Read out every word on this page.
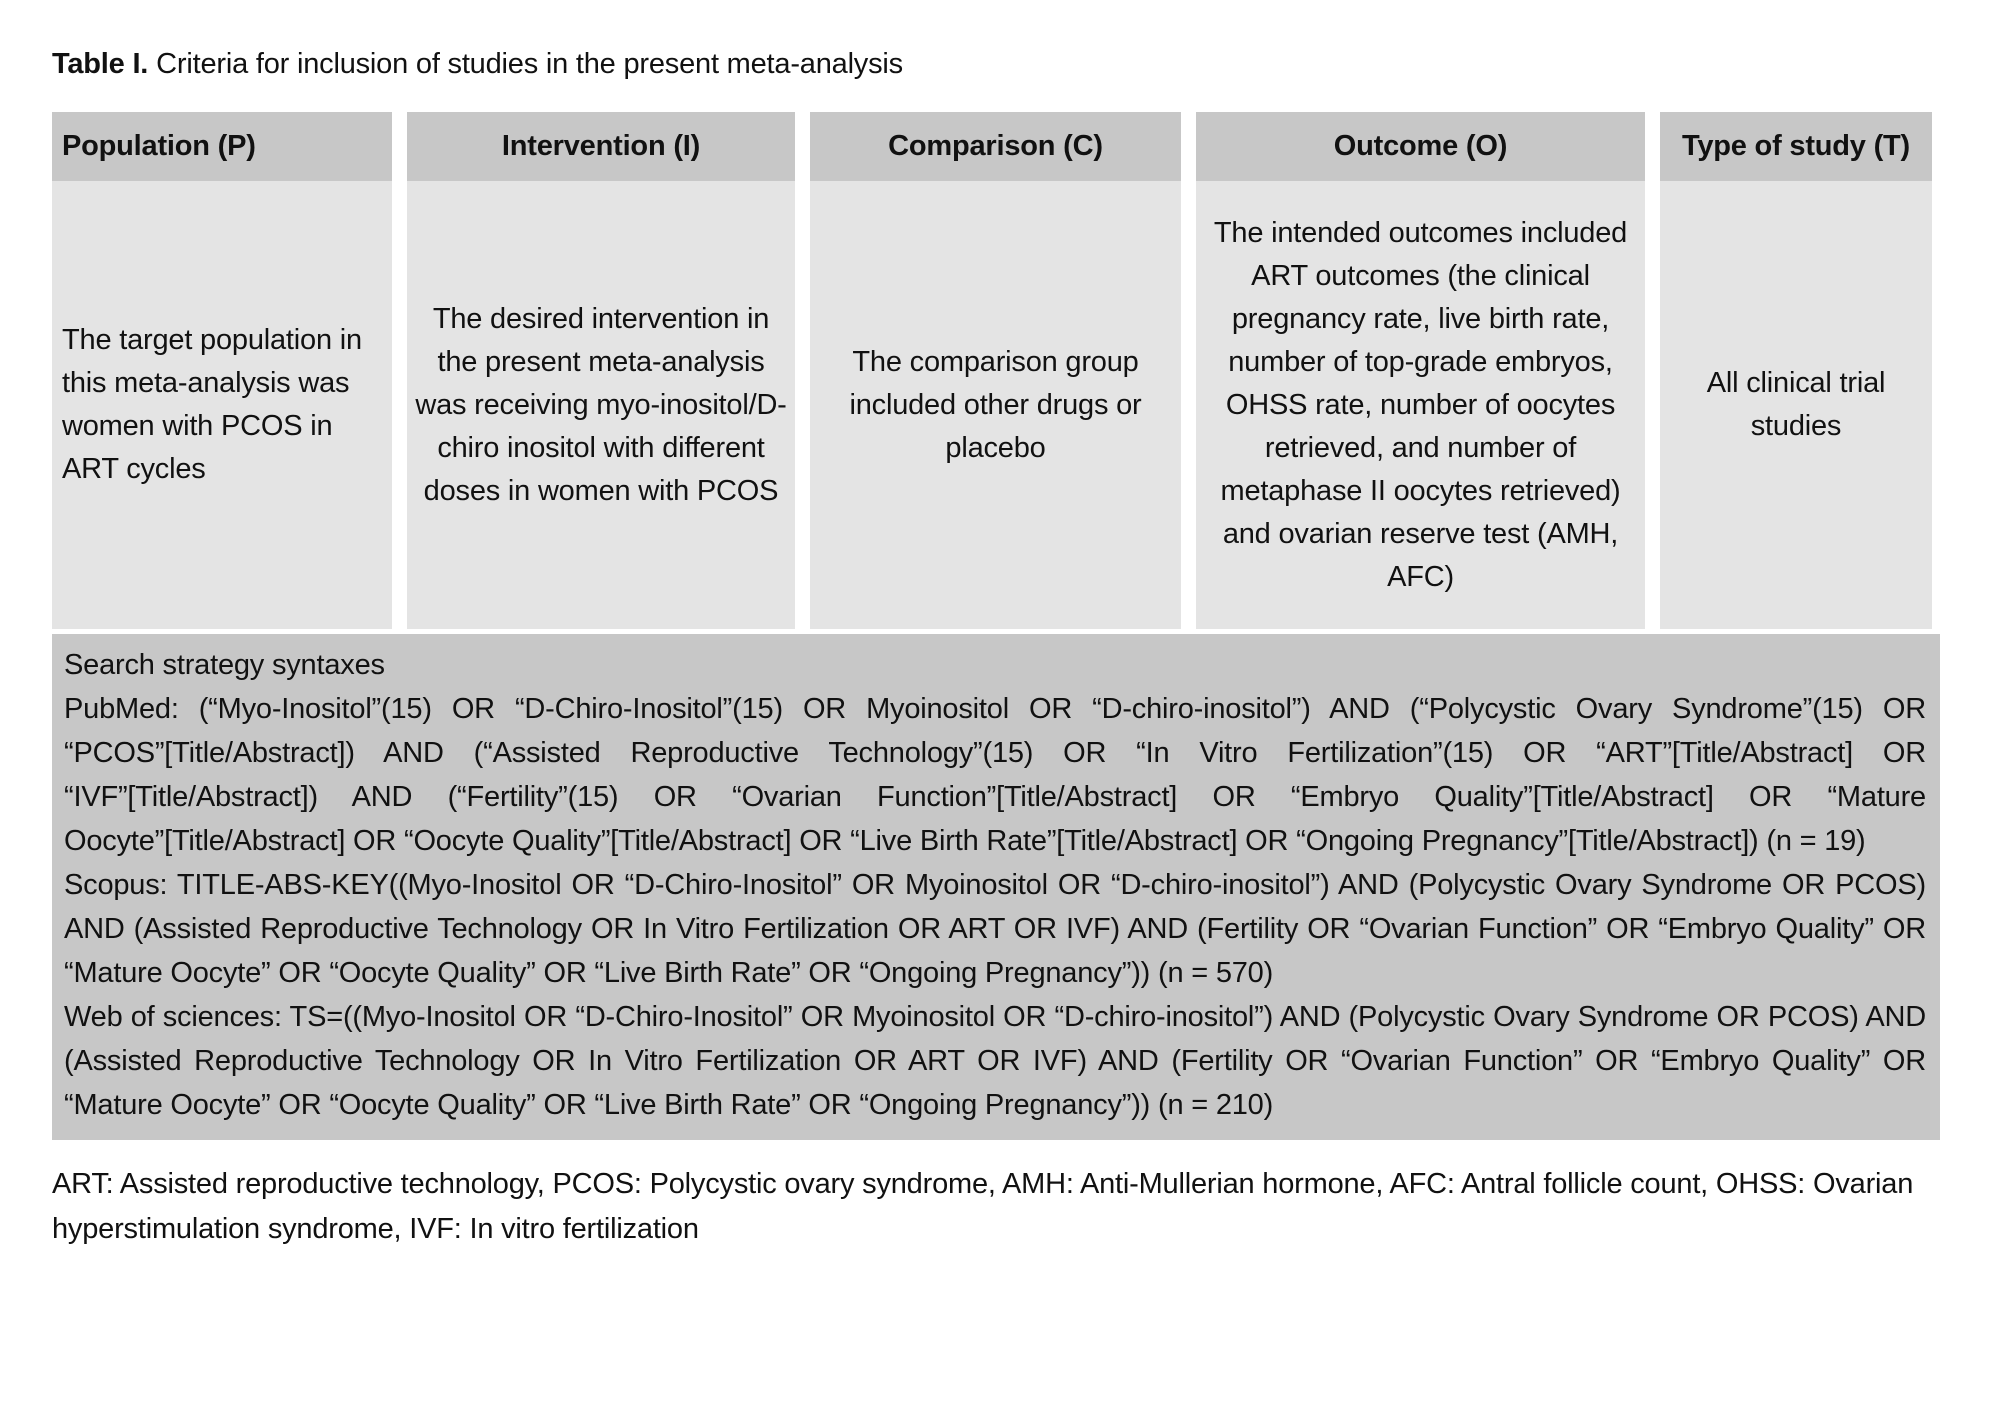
Table I. Criteria for inclusion of studies in the present meta-analysis
Population (P)
The target population in this meta-analysis was women with PCOS in ART cycles
Intervention (I)
The desired intervention in the present meta-analysis was receiving myo-inositol/D-chiro inositol with different doses in women with PCOS
Comparison (C)
The comparison group included other drugs or placebo
Outcome (O)
The intended outcomes included ART outcomes (the clinical pregnancy rate, live birth rate, number of top-grade embryos, OHSS rate, number of oocytes retrieved, and number of metaphase II oocytes retrieved) and ovarian reserve test (AMH, AFC)
Type of study (T)
All clinical trial studies
Search strategy syntaxes
PubMed: (“Myo-Inositol”(15) OR “D-Chiro-Inositol”(15) OR Myoinositol OR “D-chiro-inositol”) AND (“Polycystic Ovary Syndrome”(15) OR “PCOS”[Title/Abstract]) AND (“Assisted Reproductive Technology”(15) OR “In Vitro Fertilization”(15) OR “ART”[Title/Abstract] OR “IVF”[Title/Abstract]) AND (“Fertility”(15) OR “Ovarian Function”[Title/Abstract] OR “Embryo Quality”[Title/Abstract] OR “Mature Oocyte”[Title/Abstract] OR “Oocyte Quality”[Title/Abstract] OR “Live Birth Rate”[Title/Abstract] OR “Ongoing Pregnancy”[Title/Abstract]) (n = 19)
Scopus: TITLE-ABS-KEY((Myo-Inositol OR “D-Chiro-Inositol” OR Myoinositol OR “D-chiro-inositol”) AND (Polycystic Ovary Syndrome OR PCOS) AND (Assisted Reproductive Technology OR In Vitro Fertilization OR ART OR IVF) AND (Fertility OR “Ovarian Function” OR “Embryo Quality” OR “Mature Oocyte” OR “Oocyte Quality” OR “Live Birth Rate” OR “Ongoing Pregnancy”)) (n = 570)
Web of sciences: TS=((Myo-Inositol OR “D-Chiro-Inositol” OR Myoinositol OR “D-chiro-inositol”) AND (Polycystic Ovary Syndrome OR PCOS) AND (Assisted Reproductive Technology OR In Vitro Fertilization OR ART OR IVF) AND (Fertility OR “Ovarian Function” OR “Embryo Quality” OR “Mature Oocyte” OR “Oocyte Quality” OR “Live Birth Rate” OR “Ongoing Pregnancy”)) (n = 210)
ART: Assisted reproductive technology, PCOS: Polycystic ovary syndrome, AMH: Anti-Mullerian hormone, AFC: Antral follicle count, OHSS: Ovarian hyperstimulation syndrome, IVF: In vitro fertilization
